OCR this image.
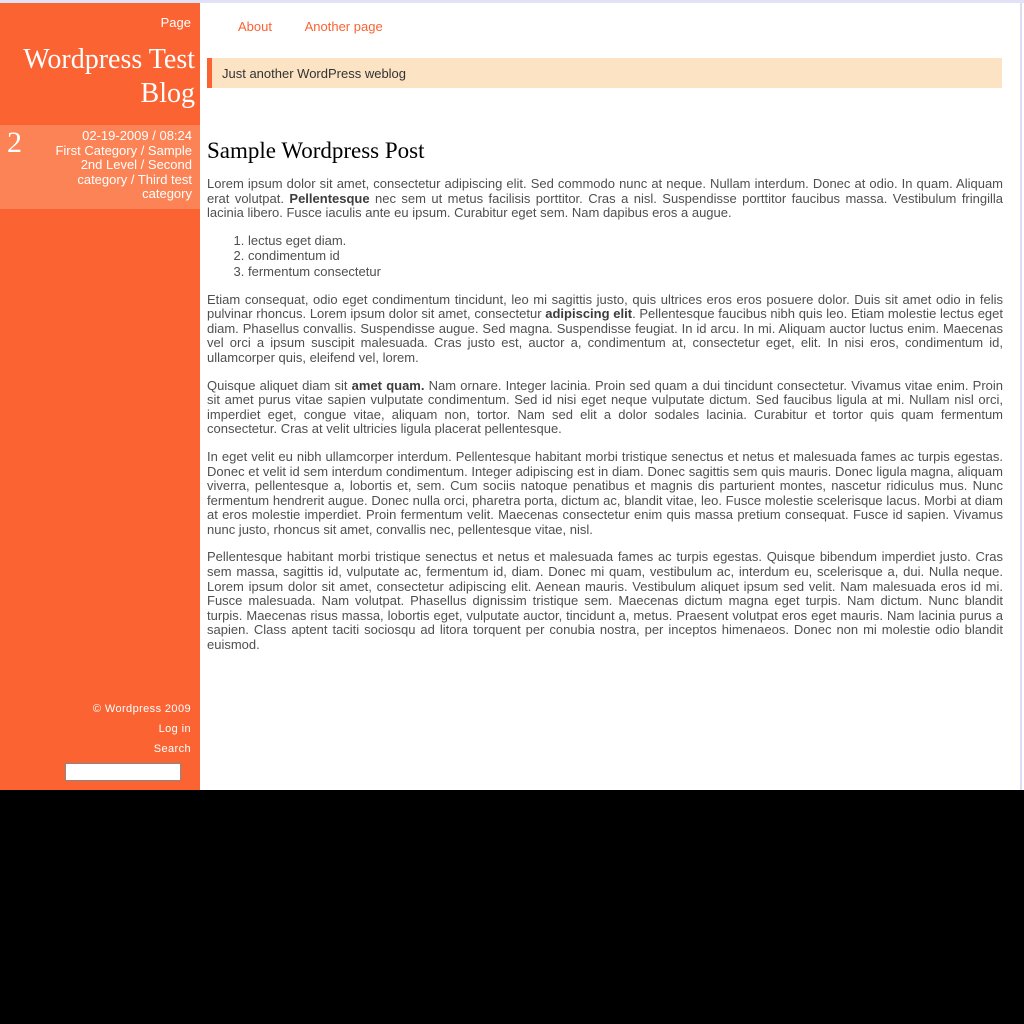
Page
Wordpress Test Blog
2	02-19-2009 / 08:24
First Category / Sample 2nd Level / Second category / Third test category
© Wordpress 2009
Log in
Search
About	Another page
Just another WordPress weblog
Sample Wordpress Post

Lorem ipsum dolor sit amet, consectetur adipiscing elit. Sed commodo nunc at neque. Nullam interdum. Donec at odio. In quam. Aliquam erat volutpat. Pellentesque nec sem ut metus facilisis porttitor. Cras a nisl. Suspendisse porttitor faucibus massa. Vestibulum fringilla lacinia libero. Fusce iaculis ante eu ipsum. Curabitur eget sem. Nam dapibus eros a augue.

1. lectus eget diam.
2. condimentum id
3. fermentum consectetur

Etiam consequat, odio eget condimentum tincidunt, leo mi sagittis justo, quis ultrices eros eros posuere dolor. Duis sit amet odio in felis pulvinar rhoncus. Lorem ipsum dolor sit amet, consectetur adipiscing elit. Pellentesque faucibus nibh quis leo. Etiam molestie lectus eget diam. Phasellus convallis. Suspendisse augue. Sed magna. Suspendisse feugiat. In id arcu. In mi. Aliquam auctor luctus enim. Maecenas vel orci a ipsum suscipit malesuada. Cras justo est, auctor a, condimentum at, consectetur eget, elit. In nisi eros, condimentum id, ullamcorper quis, eleifend vel, lorem.

Quisque aliquet diam sit amet quam. Nam ornare. Integer lacinia. Proin sed quam a dui tincidunt consectetur. Vivamus vitae enim. Proin sit amet purus vitae sapien vulputate condimentum. Sed id nisi eget neque vulputate dictum. Sed faucibus ligula at mi. Nullam nisl orci, imperdiet eget, congue vitae, aliquam non, tortor. Nam sed elit a dolor sodales lacinia. Curabitur et tortor quis quam fermentum consectetur. Cras at velit ultricies ligula placerat pellentesque.

In eget velit eu nibh ullamcorper interdum. Pellentesque habitant morbi tristique senectus et netus et malesuada fames ac turpis egestas. Donec et velit id sem interdum condimentum. Integer adipiscing est in diam. Donec sagittis sem quis mauris. Donec ligula magna, aliquam viverra, pellentesque a, lobortis et, sem. Cum sociis natoque penatibus et magnis dis parturient montes, nascetur ridiculus mus. Nunc fermentum hendrerit augue. Donec nulla orci, pharetra porta, dictum ac, blandit vitae, leo. Fusce molestie scelerisque lacus. Morbi at diam at eros molestie imperdiet. Proin fermentum velit. Maecenas consectetur enim quis massa pretium consequat. Fusce id sapien. Vivamus nunc justo, rhoncus sit amet, convallis nec, pellentesque vitae, nisl.

Pellentesque habitant morbi tristique senectus et netus et malesuada fames ac turpis egestas. Quisque bibendum imperdiet justo. Cras sem massa, sagittis id, vulputate ac, fermentum id, diam. Donec mi quam, vestibulum ac, interdum eu, scelerisque a, dui. Nulla neque. Lorem ipsum dolor sit amet, consectetur adipiscing elit. Aenean mauris. Vestibulum aliquet ipsum sed velit. Nam malesuada eros id mi. Fusce malesuada. Nam volutpat. Phasellus dignissim tristique sem. Maecenas dictum magna eget turpis. Nam dictum. Nunc blandit turpis. Maecenas risus massa, lobortis eget, vulputate auctor, tincidunt a, metus. Praesent volutpat eros eget mauris. Nam lacinia purus a sapien. Class aptent taciti sociosqu ad litora torquent per conubia nostra, per inceptos himenaeos. Donec non mi molestie odio blandit euismod.
